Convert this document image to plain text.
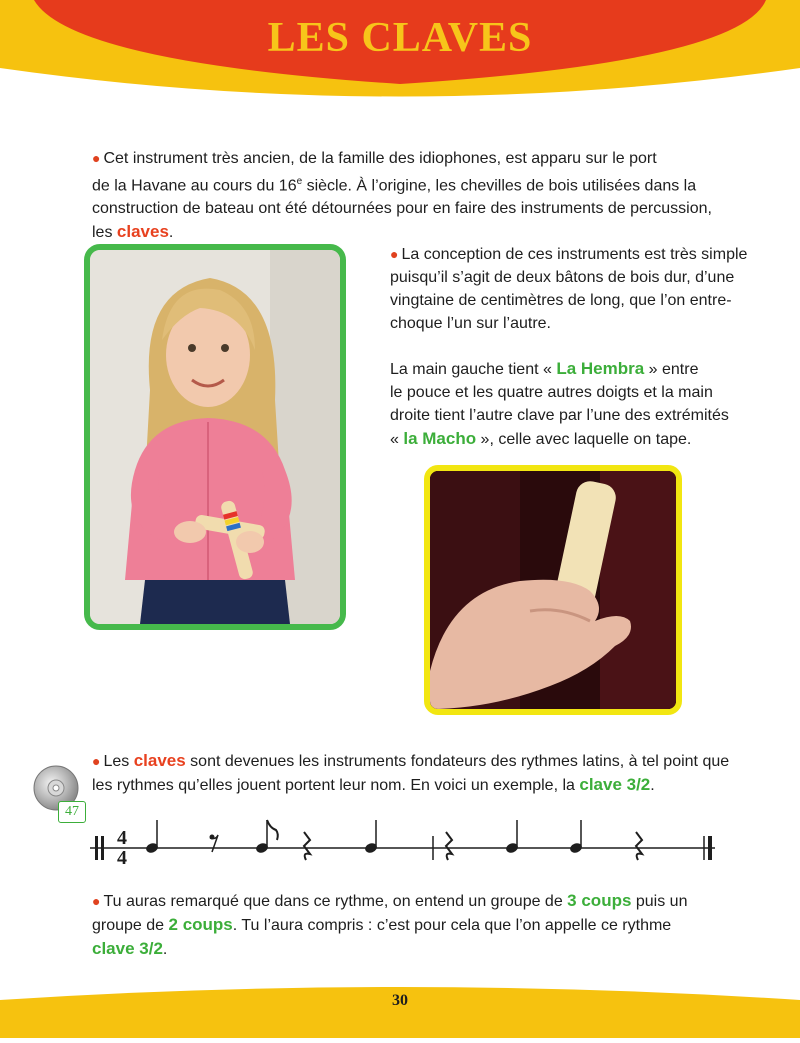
LES CLAVES
● Cet instrument très ancien, de la famille des idiophones, est apparu sur le port
de la Havane au cours du 16e siècle. À l’origine, les chevilles de bois utilisées dans la
construction de bateau ont été détournées pour en faire des instruments de percussion,
les claves.
● La conception de ces instruments est très simple
puisqu’il s’agit de deux bâtons de bois dur, d’une
vingtaine de centimètres de long, que l’on entre-
choque l’un sur l’autre.
La main gauche tient « La Hembra » entre
le pouce et les quatre autres doigts et la main
droite tient l’autre clave par l’une des extrémités
« la Macho », celle avec laquelle on tape.
● Les claves sont devenues les instruments fondateurs des rythmes latins, à tel point que
les rythmes qu’elles jouent portent leur nom. En voici un exemple, la clave 3/2.
47
4
4
● Tu auras remarqué que dans ce rythme, on entend un groupe de 3 coups puis un
groupe de 2 coups. Tu l’aura compris : c’est pour cela que l’on appelle ce rythme
clave 3/2.
30
